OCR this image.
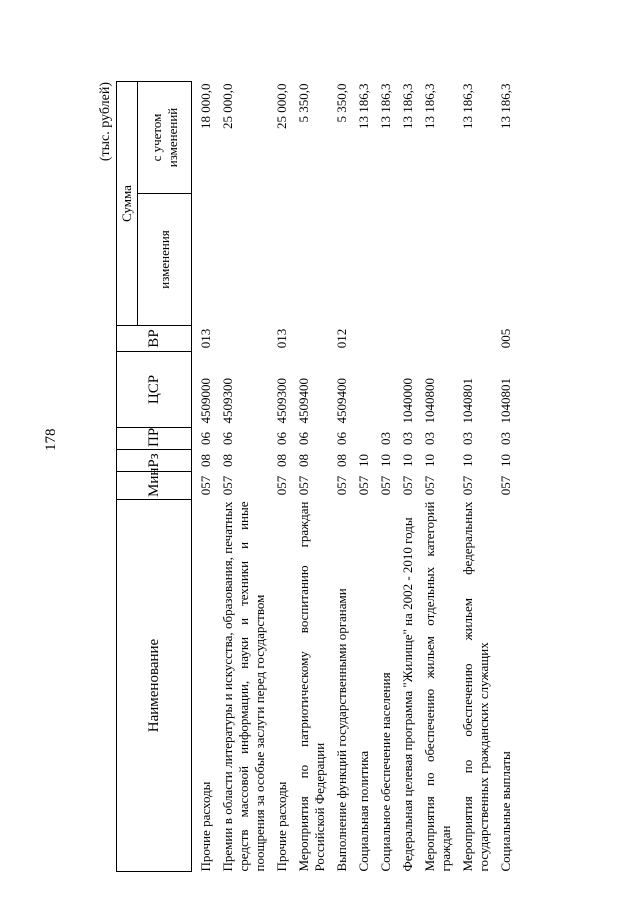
178
(тыс. рублей)
Наименование	Мин	Рз	ПР	ЦСР	ВР	Сумма	
						изменения	с учетом изменений
Прочие расходы	057	08	06	4509000	013		18 000,0
Премии в области литературы и искусства, образования, печатных средств массовой информации, науки и техники и иные поощрения за особые заслуги перед государством	057	08	06	4509300			25 000,0
Прочие расходы	057	08	06	4509300	013		25 000,0
Мероприятия по патриотическому воспитанию граждан Российской Федерации	057	08	06	4509400			5 350,0
Выполнение функций государственными органами	057	08	06	4509400	012		5 350,0
Социальная политика	057	10					13 186,3
Социальное обеспечение населения	057	10	03				13 186,3
Федеральная целевая программа "Жилище" на 2002 - 2010 годы	057	10	03	1040000			13 186,3
Мероприятия по обеспечению жильем отдельных категорий граждан	057	10	03	1040800			13 186,3
Мероприятия по обеспечению жильем федеральных государственных гражданских служащих	057	10	03	1040801			13 186,3
Социальные выплаты	057	10	03	1040801	005		13 186,3
